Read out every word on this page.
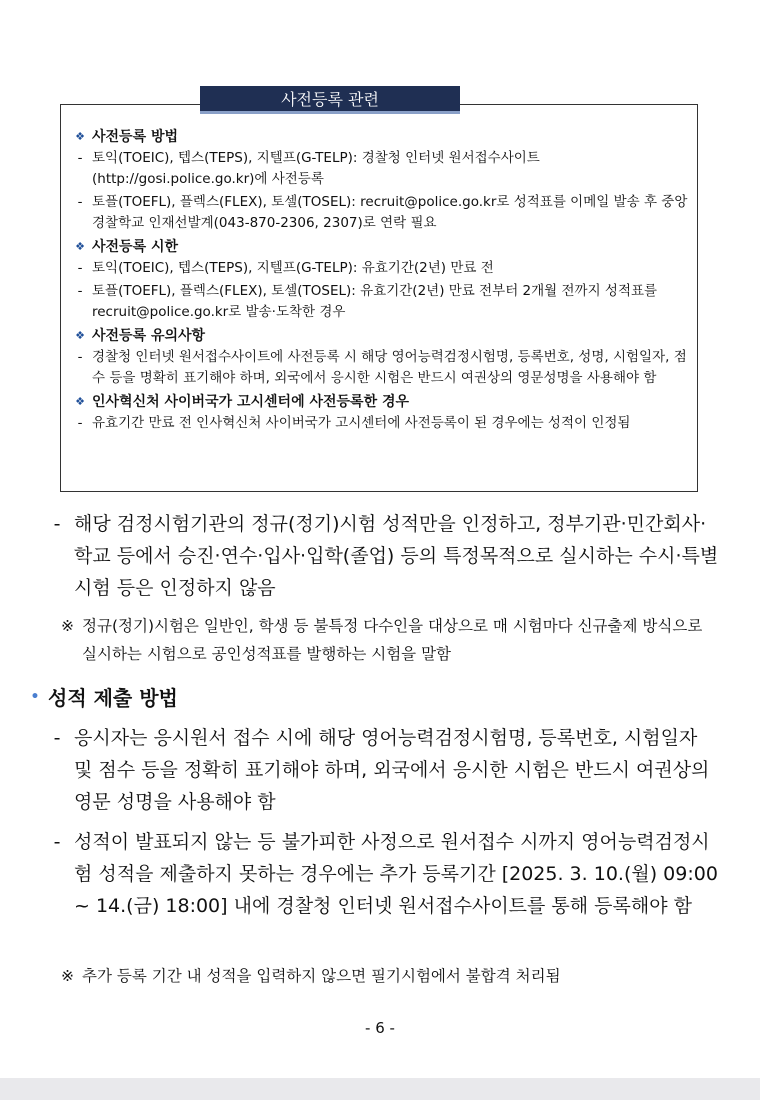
사전등록 관련
❖ 사전등록 방법
- 토익(TOEIC), 텝스(TEPS), 지텔프(G-TELP): 경찰청 인터넷 원서접수사이트(http://gosi.police.go.kr)에 사전등록
- 토플(TOEFL), 플렉스(FLEX), 토셀(TOSEL): recruit@police.go.kr로 성적표를 이메일 발송 후 중앙경찰학교 인재선발계(043-870-2306, 2307)로 연락 필요
❖ 사전등록 시한
- 토익(TOEIC), 텝스(TEPS), 지텔프(G-TELP): 유효기간(2년) 만료 전
- 토플(TOEFL), 플렉스(FLEX), 토셀(TOSEL): 유효기간(2년) 만료 전부터 2개월 전까지 성적표를 recruit@police.go.kr로 발송·도착한 경우
❖ 사전등록 유의사항
- 경찰청 인터넷 원서접수사이트에 사전등록 시 해당 영어능력검정시험명, 등록번호, 성명, 시험일자, 점수 등을 명확히 표기해야 하며, 외국에서 응시한 시험은 반드시 여권상의 영문성명을 사용해야 함
❖ 인사혁신처 사이버국가 고시센터에 사전등록한 경우
- 유효기간 만료 전 인사혁신처 사이버국가 고시센터에 사전등록이 된 경우에는 성적이 인정됨
- 해당 검정시험기관의 정규(정기)시험 성적만을 인정하고, 정부기관·민간회사·학교 등에서 승진·연수·입사·입학(졸업) 등의 특정목적으로 실시하는 수시·특별시험 등은 인정하지 않음
※ 정규(정기)시험은 일반인, 학생 등 불특정 다수인을 대상으로 매 시험마다 신규출제 방식으로 실시하는 시험으로 공인성적표를 발행하는 시험을 말함
• 성적 제출 방법
- 응시자는 응시원서 접수 시에 해당 영어능력검정시험명, 등록번호, 시험일자 및 점수 등을 정확히 표기해야 하며, 외국에서 응시한 시험은 반드시 여권상의 영문 성명을 사용해야 함
- 성적이 발표되지 않는 등 불가피한 사정으로 원서접수 시까지 영어능력검정시험 성적을 제출하지 못하는 경우에는 추가 등록기간 [2025. 3. 10.(월) 09:00 ~ 14.(금) 18:00] 내에 경찰청 인터넷 원서접수사이트를 통해 등록해야 함
※ 추가 등록 기간 내 성적을 입력하지 않으면 필기시험에서 불합격 처리됨
- 6 -
